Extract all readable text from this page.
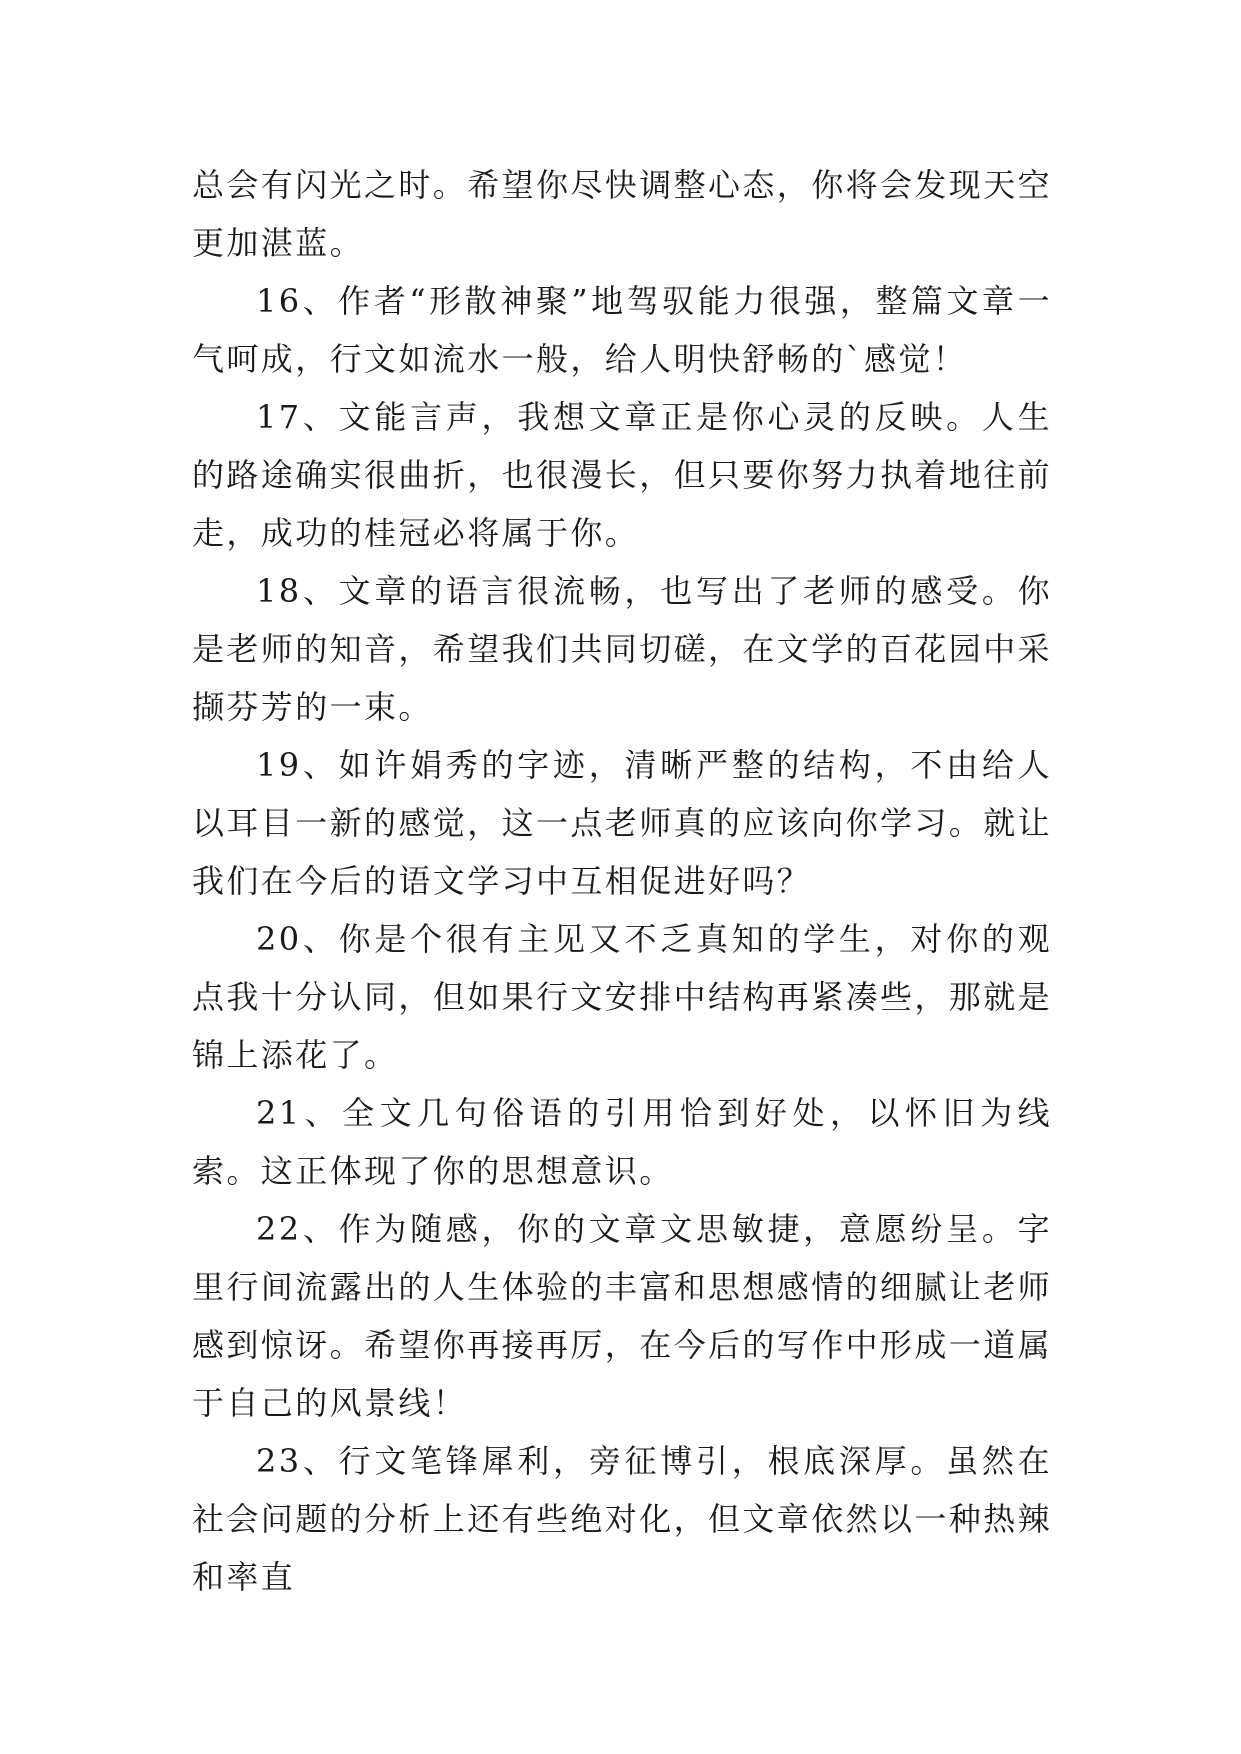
总会有闪光之时。希望你尽快调整心态，你将会发现天空更加湛蓝。

16、作者“形散神聚”地驾驭能力很强，整篇文章一气呵成，行文如流水一般，给人明快舒畅的`感觉！

17、文能言声，我想文章正是你心灵的反映。人生的路途确实很曲折，也很漫长，但只要你努力执着地往前走，成功的桂冠必将属于你。

18、文章的语言很流畅，也写出了老师的感受。你是老师的知音，希望我们共同切磋，在文学的百花园中采撷芬芳的一束。

19、如许娟秀的字迹，清晰严整的结构，不由给人以耳目一新的感觉，这一点老师真的应该向你学习。就让我们在今后的语文学习中互相促进好吗？

20、你是个很有主见又不乏真知的学生，对你的观点我十分认同，但如果行文安排中结构再紧凑些，那就是锦上添花了。

21、全文几句俗语的引用恰到好处，以怀旧为线索。这正体现了你的思想意识。

22、作为随感，你的文章文思敏捷，意愿纷呈。字里行间流露出的人生体验的丰富和思想感情的细腻让老师感到惊讶。希望你再接再厉，在今后的写作中形成一道属于自己的风景线！

23、行文笔锋犀利，旁征博引，根底深厚。虽然在社会问题的分析上还有些绝对化，但文章依然以一种热辣和率直
